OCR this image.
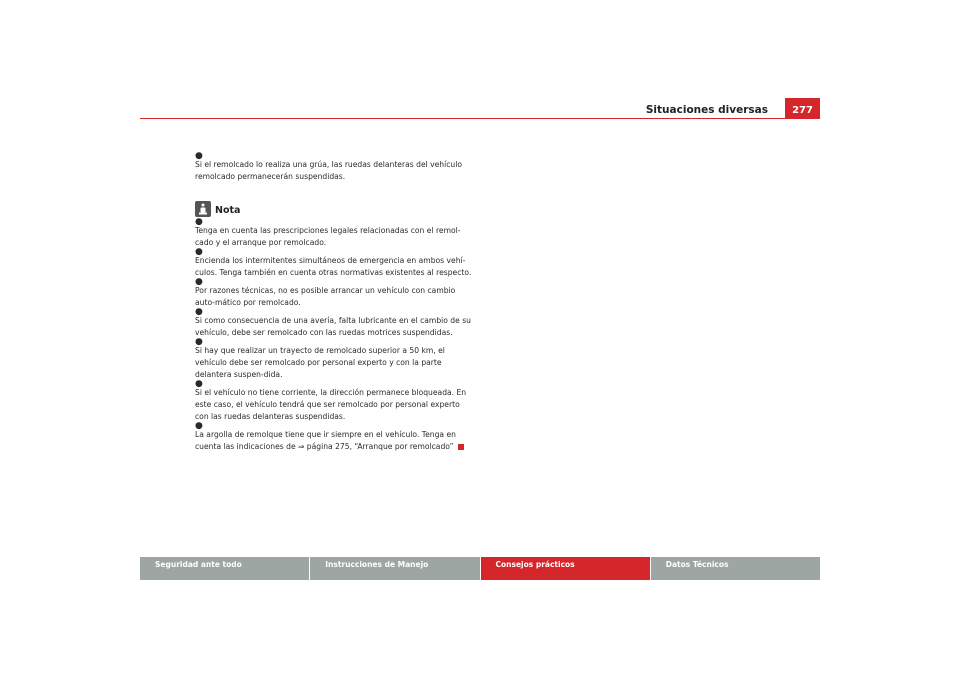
Situaciones diversas	277
●
Si el remolcado lo realiza una grúa, las ruedas delanteras del vehículo remolcado permanecerán suspendidas.
Nota
●
Tenga en cuenta las prescripciones legales relacionadas con el remol-cado y el arranque por remolcado.
●
Encienda los intermitentes simultáneos de emergencia en ambos vehí-culos. Tenga también en cuenta otras normativas existentes al respecto.
●
Por razones técnicas, no es posible arrancar un vehículo con cambio auto-mático por remolcado.
●
Si como consecuencia de una avería, falta lubricante en el cambio de su vehículo, debe ser remolcado con las ruedas motrices suspendidas.
●
Si hay que realizar un trayecto de remolcado superior a 50 km, el vehículo debe ser remolcado por personal experto y con la parte delantera suspen-dida.
●
Si el vehículo no tiene corriente, la dirección permanece bloqueada. En este caso, el vehículo tendrá que ser remolcado por personal experto con las ruedas delanteras suspendidas.
●
La argolla de remolque tiene que ir siempre en el vehículo. Tenga en cuenta las indicaciones de ⇒ página 275, “Arranque por remolcado”
Seguridad ante todo	Instrucciones de Manejo	Consejos prácticos	Datos Técnicos
